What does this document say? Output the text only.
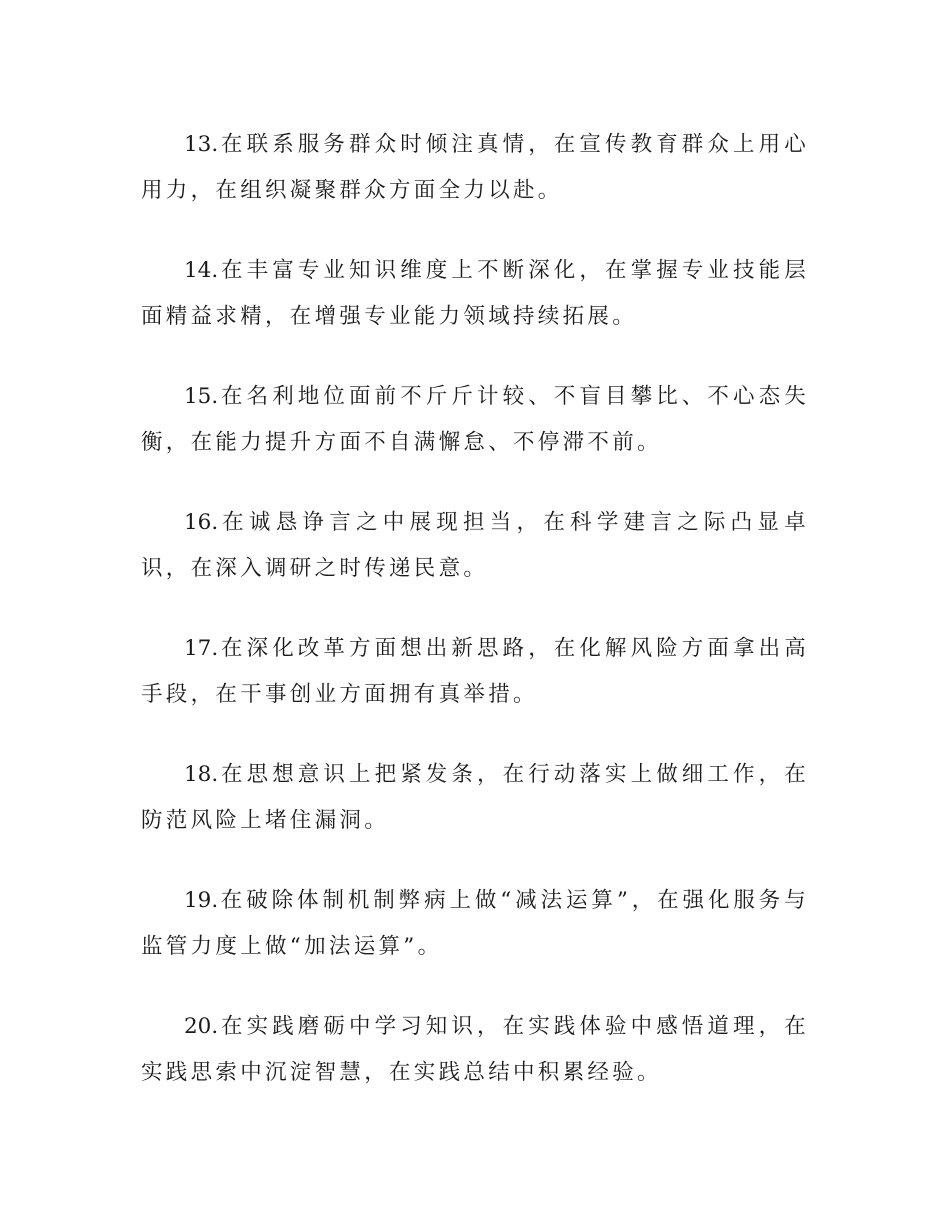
13.在联系服务群众时倾注真情，在宣传教育群众上用心用力，在组织凝聚群众方面全力以赴。

14.在丰富专业知识维度上不断深化，在掌握专业技能层面精益求精，在增强专业能力领域持续拓展。

15.在名利地位面前不斤斤计较、不盲目攀比、不心态失衡，在能力提升方面不自满懈怠、不停滞不前。

16.在诚恳诤言之中展现担当，在科学建言之际凸显卓识，在深入调研之时传递民意。

17.在深化改革方面想出新思路，在化解风险方面拿出高手段，在干事创业方面拥有真举措。

18.在思想意识上把紧发条，在行动落实上做细工作，在防范风险上堵住漏洞。

19.在破除体制机制弊病上做“减法运算”，在强化服务与监管力度上做“加法运算”。

20.在实践磨砺中学习知识，在实践体验中感悟道理，在实践思索中沉淀智慧，在实践总结中积累经验。
